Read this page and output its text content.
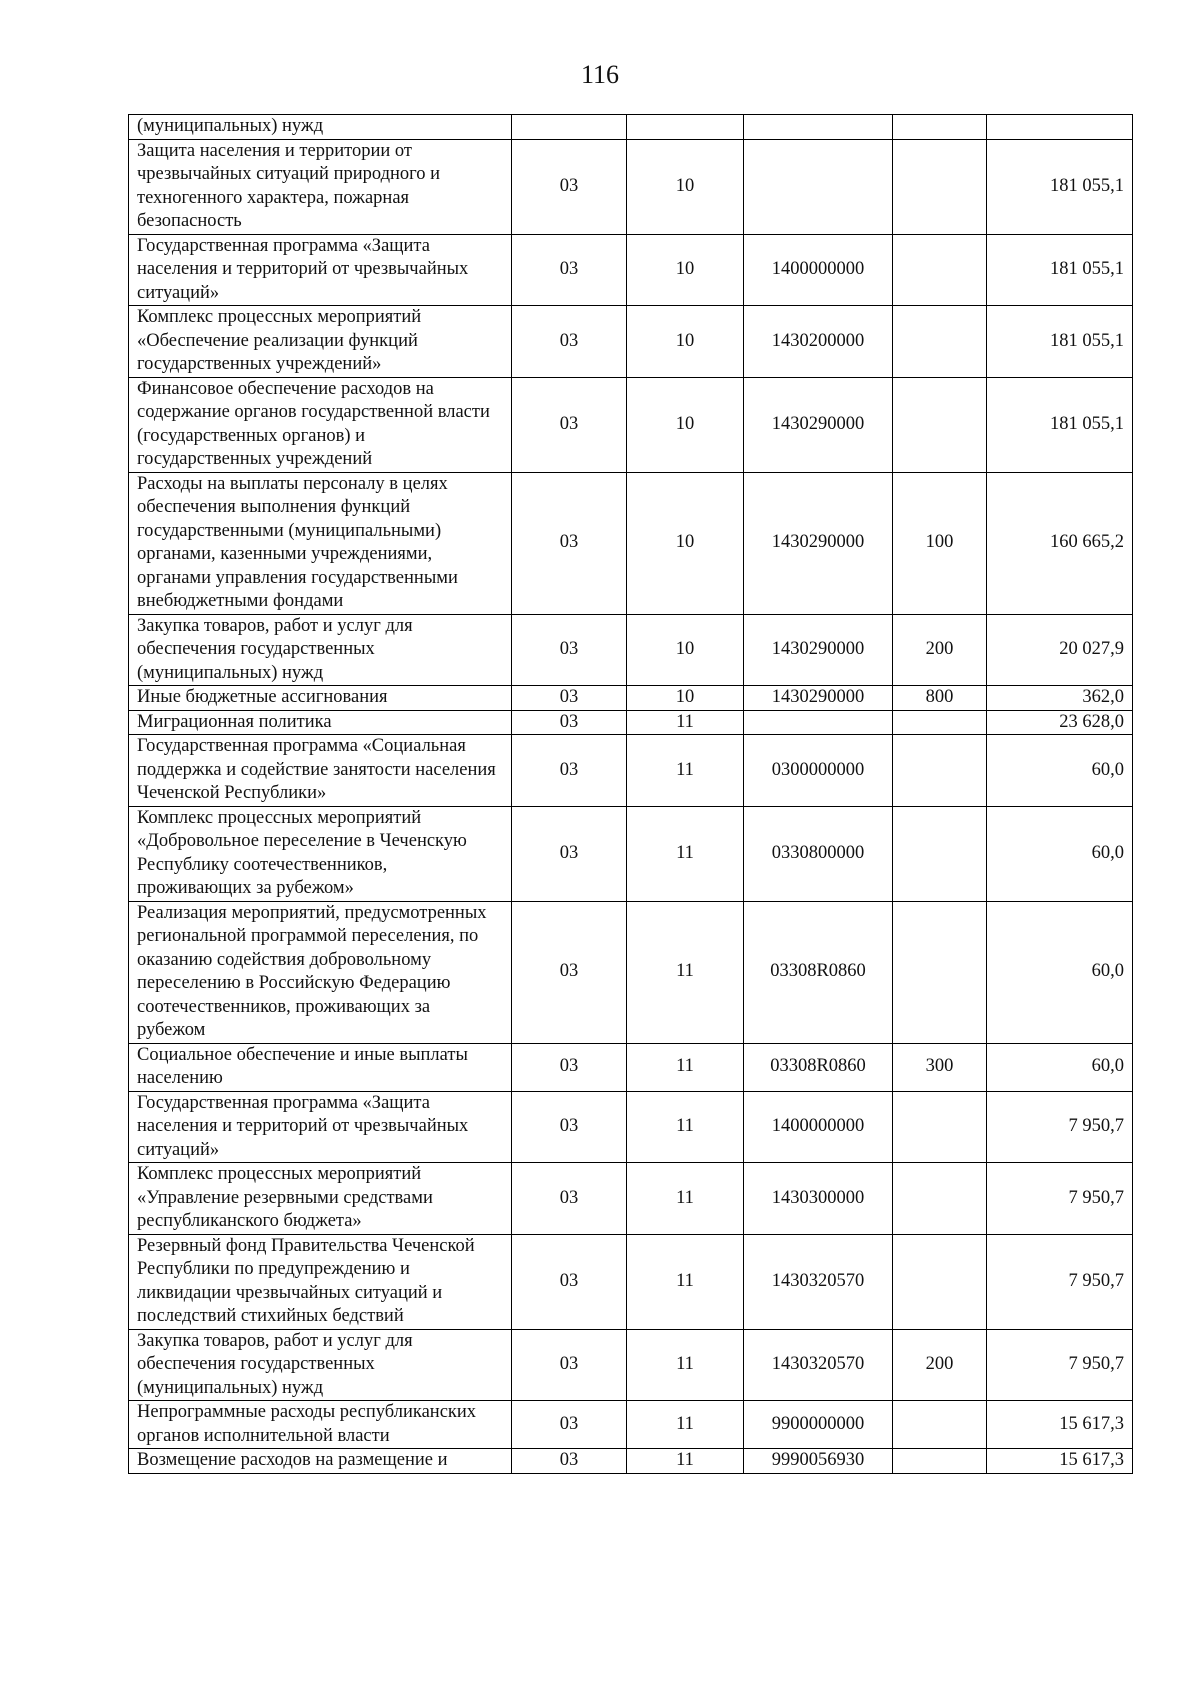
116
(муниципальных) нужд					
Защита населения и территории от чрезвычайных ситуаций природного и техногенного характера, пожарная безопасность	03	10			181 055,1
Государственная программа «Защита населения и территорий от чрезвычайных ситуаций»	03	10	1400000000		181 055,1
Комплекс процессных мероприятий «Обеспечение реализации функций государственных учреждений»	03	10	1430200000		181 055,1
Финансовое обеспечение расходов на содержание органов государственной власти (государственных органов) и государственных учреждений	03	10	1430290000		181 055,1
Расходы на выплаты персоналу в целях обеспечения выполнения функций государственными (муниципальными) органами, казенными учреждениями, органами управления государственными внебюджетными фондами	03	10	1430290000	100	160 665,2
Закупка товаров, работ и услуг для обеспечения государственных (муниципальных) нужд	03	10	1430290000	200	20 027,9
Иные бюджетные ассигнования	03	10	1430290000	800	362,0
Миграционная политика	03	11			23 628,0
Государственная программа «Социальная поддержка и содействие занятости населения Чеченской Республики»	03	11	0300000000		60,0
Комплекс процессных мероприятий «Добровольное переселение в Чеченскую Республику соотечественников, проживающих за рубежом»	03	11	0330800000		60,0
Реализация мероприятий, предусмотренных региональной программой переселения, по оказанию содействия добровольному переселению в Российскую Федерацию соотечественников, проживающих за рубежом	03	11	03308R0860		60,0
Социальное обеспечение и иные выплаты населению	03	11	03308R0860	300	60,0
Государственная программа «Защита населения и территорий от чрезвычайных ситуаций»	03	11	1400000000		7 950,7
Комплекс процессных мероприятий «Управление резервными средствами республиканского бюджета»	03	11	1430300000		7 950,7
Резервный фонд Правительства Чеченской Республики по предупреждению и ликвидации чрезвычайных ситуаций и последствий стихийных бедствий	03	11	1430320570		7 950,7
Закупка товаров, работ и услуг для обеспечения государственных (муниципальных) нужд	03	11	1430320570	200	7 950,7
Непрограммные расходы республиканских органов исполнительной власти	03	11	9900000000		15 617,3
Возмещение расходов на размещение и	03	11	9990056930		15 617,3
